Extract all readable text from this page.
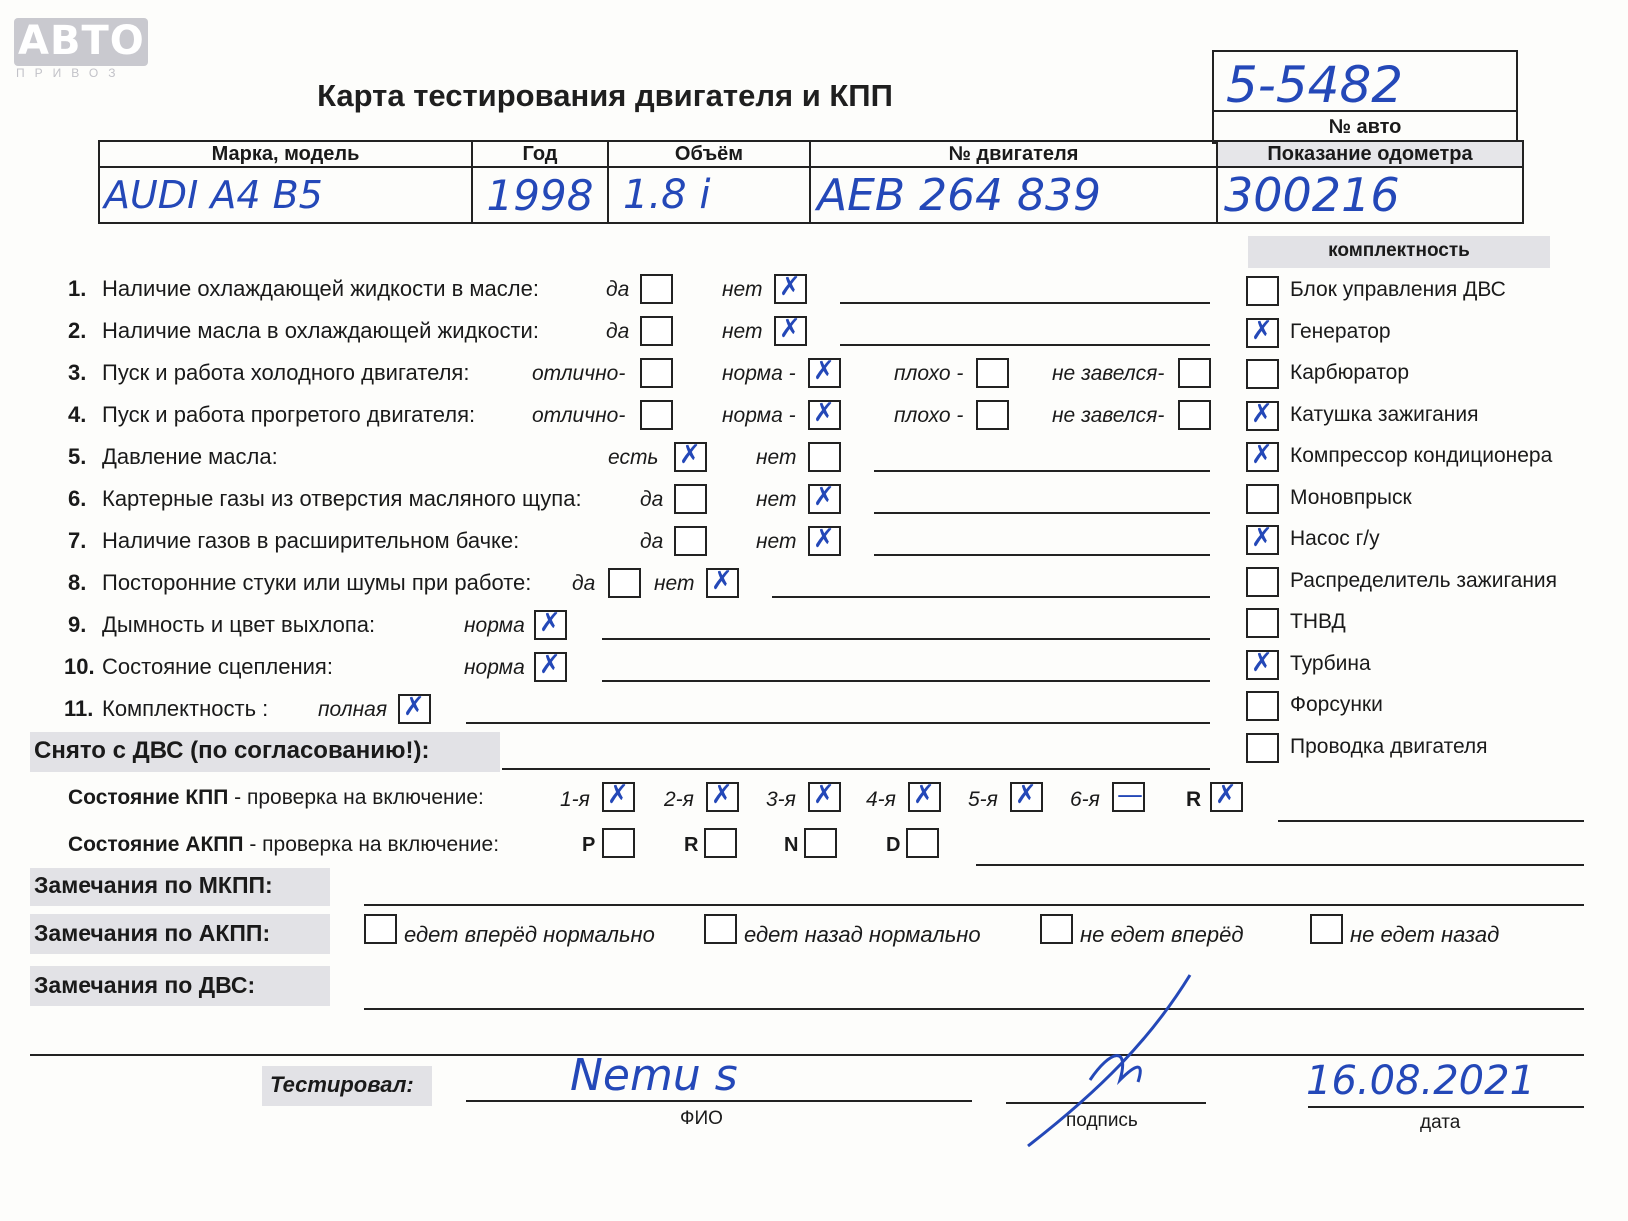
АВТО
ПРИВОЗ
Карта тестирования двигателя и КПП	5-5482
№ авто
Марка, модель	Год	Объём	№ двигателя	Показание одометра
AUDI A4 B5	1998	1.8 i	AEB 264 839	300216
комплектность
1. Наличие охлаждающей жидкости в масле:	да	нет ✗
2. Наличие масла в охлаждающей жидкости:	да	нет ✗
3. Пуск и работа холодного двигателя:	отлично-	норма - ✗	плохо -	не завелся-
4. Пуск и работа прогретого двигателя:	отлично-	норма - ✗	плохо -	не завелся-
5. Давление масла:	есть ✗	нет
6. Картерные газы из отверстия масляного щупа:	да	нет ✗
7. Наличие газов в расширительном бачке:	да	нет ✗
8. Посторонние стуки или шумы при работе: да	нет ✗
9. Дымность и цвет выхлопа:	норма ✗
10. Состояние сцепления:	норма ✗
11. Комплектность : полная ✗
Блок управления ДВС
✗ Генератор
Карбюратор
✗ Катушка зажигания
✗ Компрессор кондиционера
Моновпрыск
✗ Насос г/у
Распределитель зажигания
ТНВД
✗ Турбина
Форсунки
Проводка двигателя
Снято с ДВС (по согласованию!):
Состояние КПП - проверка на включение:	1-я ✗ 2-я ✗ 3-я ✗ 4-я ✗ 5-я ✗ 6-я — R ✗
Состояние АКПП - проверка на включение:	P	R	N	D
Замечания по МКПП:
Замечания по АКПП:	едет вперёд нормально	едет назад нормально	не едет вперёд	не едет назад
Замечания по ДВС:
Тестировал:	Nemu s
ФИО	подпись
16.08.2021
дата
